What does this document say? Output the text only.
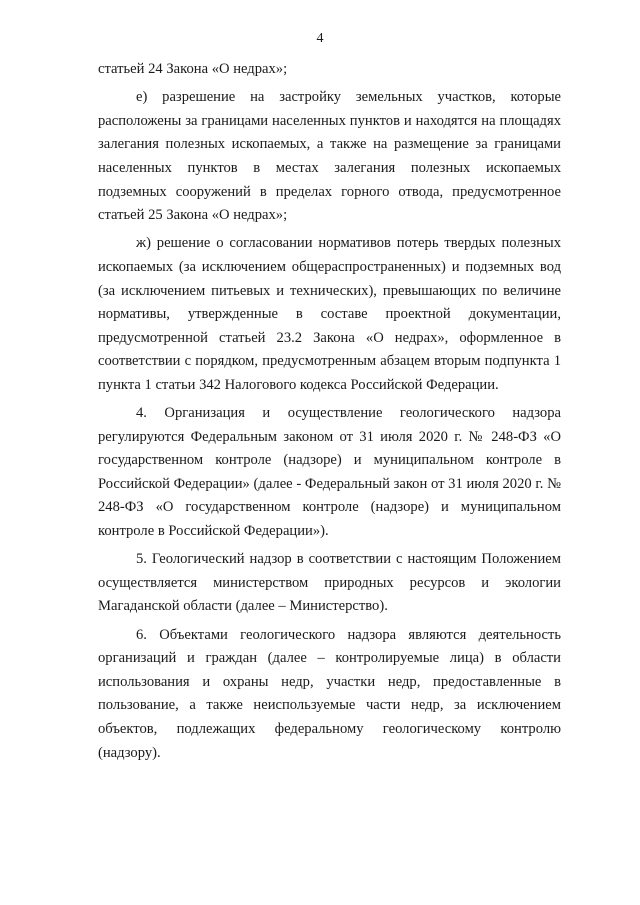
4

статьей 24 Закона «О недрах»;

е) разрешение на застройку земельных участков, которые расположены за границами населенных пунктов и находятся на площадях залегания полезных ископаемых, а также на размещение за границами населенных пунктов в местах залегания полезных ископаемых подземных сооружений в пределах горного отвода, предусмотренное статьей 25 Закона «О недрах»;

ж) решение о согласовании нормативов потерь твердых полезных ископаемых (за исключением общераспространенных) и подземных вод (за исключением питьевых и технических), превышающих по величине нормативы, утвержденные в составе проектной документации, предусмотренной статьей 23.2 Закона «О недрах», оформленное в соответствии с порядком, предусмотренным абзацем вторым подпункта 1 пункта 1 статьи 342 Налогового кодекса Российской Федерации.

4. Организация и осуществление геологического надзора регулируются Федеральным законом от 31 июля 2020 г. № 248-ФЗ «О государственном контроле (надзоре) и муниципальном контроле в Российской Федерации» (далее - Федеральный закон от 31 июля 2020 г. № 248-ФЗ «О государственном контроле (надзоре) и муниципальном контроле в Российской Федерации»).

5. Геологический надзор в соответствии с настоящим Положением осуществляется министерством природных ресурсов и экологии Магаданской области (далее – Министерство).

6. Объектами геологического надзора являются деятельность организаций и граждан (далее – контролируемые лица) в области использования и охраны недр, участки недр, предоставленные в пользование, а также неиспользуемые части недр, за исключением объектов, подлежащих федеральному геологическому контролю (надзору).
